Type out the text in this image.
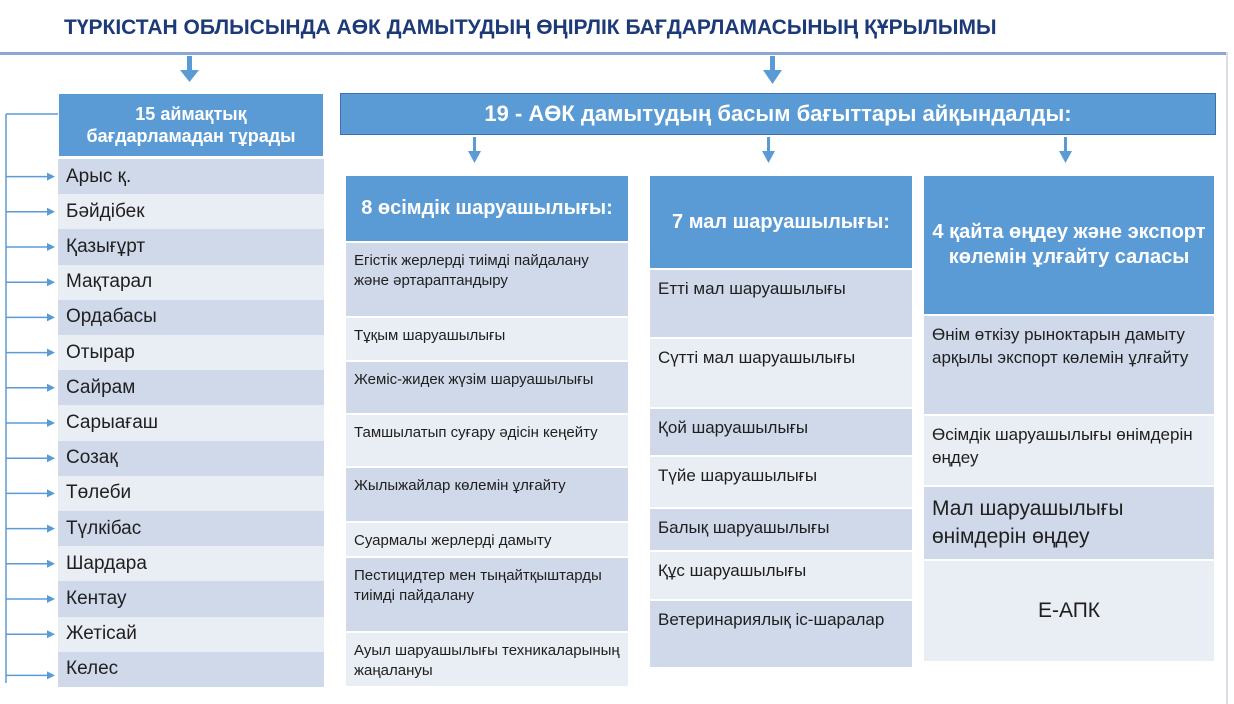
ТҮРКІСТАН ОБЛЫСЫНДА АӨК ДАМЫТУДЫҢ ӨҢІРЛІК БАҒДАРЛАМАСЫНЫҢ ҚҰРЫЛЫМЫ
15 аймақтық бағдарламадан тұрады
Арыс қ.
Бәйдібек
Қазығұрт
Мақтарал
Ордабасы
Отырар
Сайрам
Сарыағаш
Созақ
Төлеби
Түлкібас
Шардара
Кентау
Жетісай
Келес
19 - АӨК дамытудың басым бағыттары айқындалды:
8 өсімдік шаруашылығы:
Егістік жерлерді тиімді пайдалану және әртараптандыру
Тұқым шаруашылығы
Жеміс-жидек жүзім шаруашылығы
Тамшылатып суғару әдісін кеңейту
Жылыжайлар көлемін ұлғайту
Суармалы жерлерді дамыту
Пестицидтер мен тыңайтқыштарды тиімді пайдалану
Ауыл шаруашылығы техникаларының жаңалануы
7 мал шаруашылығы:
Етті мал шаруашылығы
Сүтті мал шаруашылығы
Қой шаруашылығы
Түйе шаруашылығы
Балық шаруашылығы
Құс шаруашылығы
Ветеринариялық іс-шаралар
4 қайта өңдеу және экспорт көлемін ұлғайту саласы
Өнім өткізу рыноктарын дамыту арқылы экспорт көлемін ұлғайту
Өсімдік шаруашылығы өнімдерін өңдеу
Мал шаруашылығы өнімдерін өңдеу
Е-АПК
